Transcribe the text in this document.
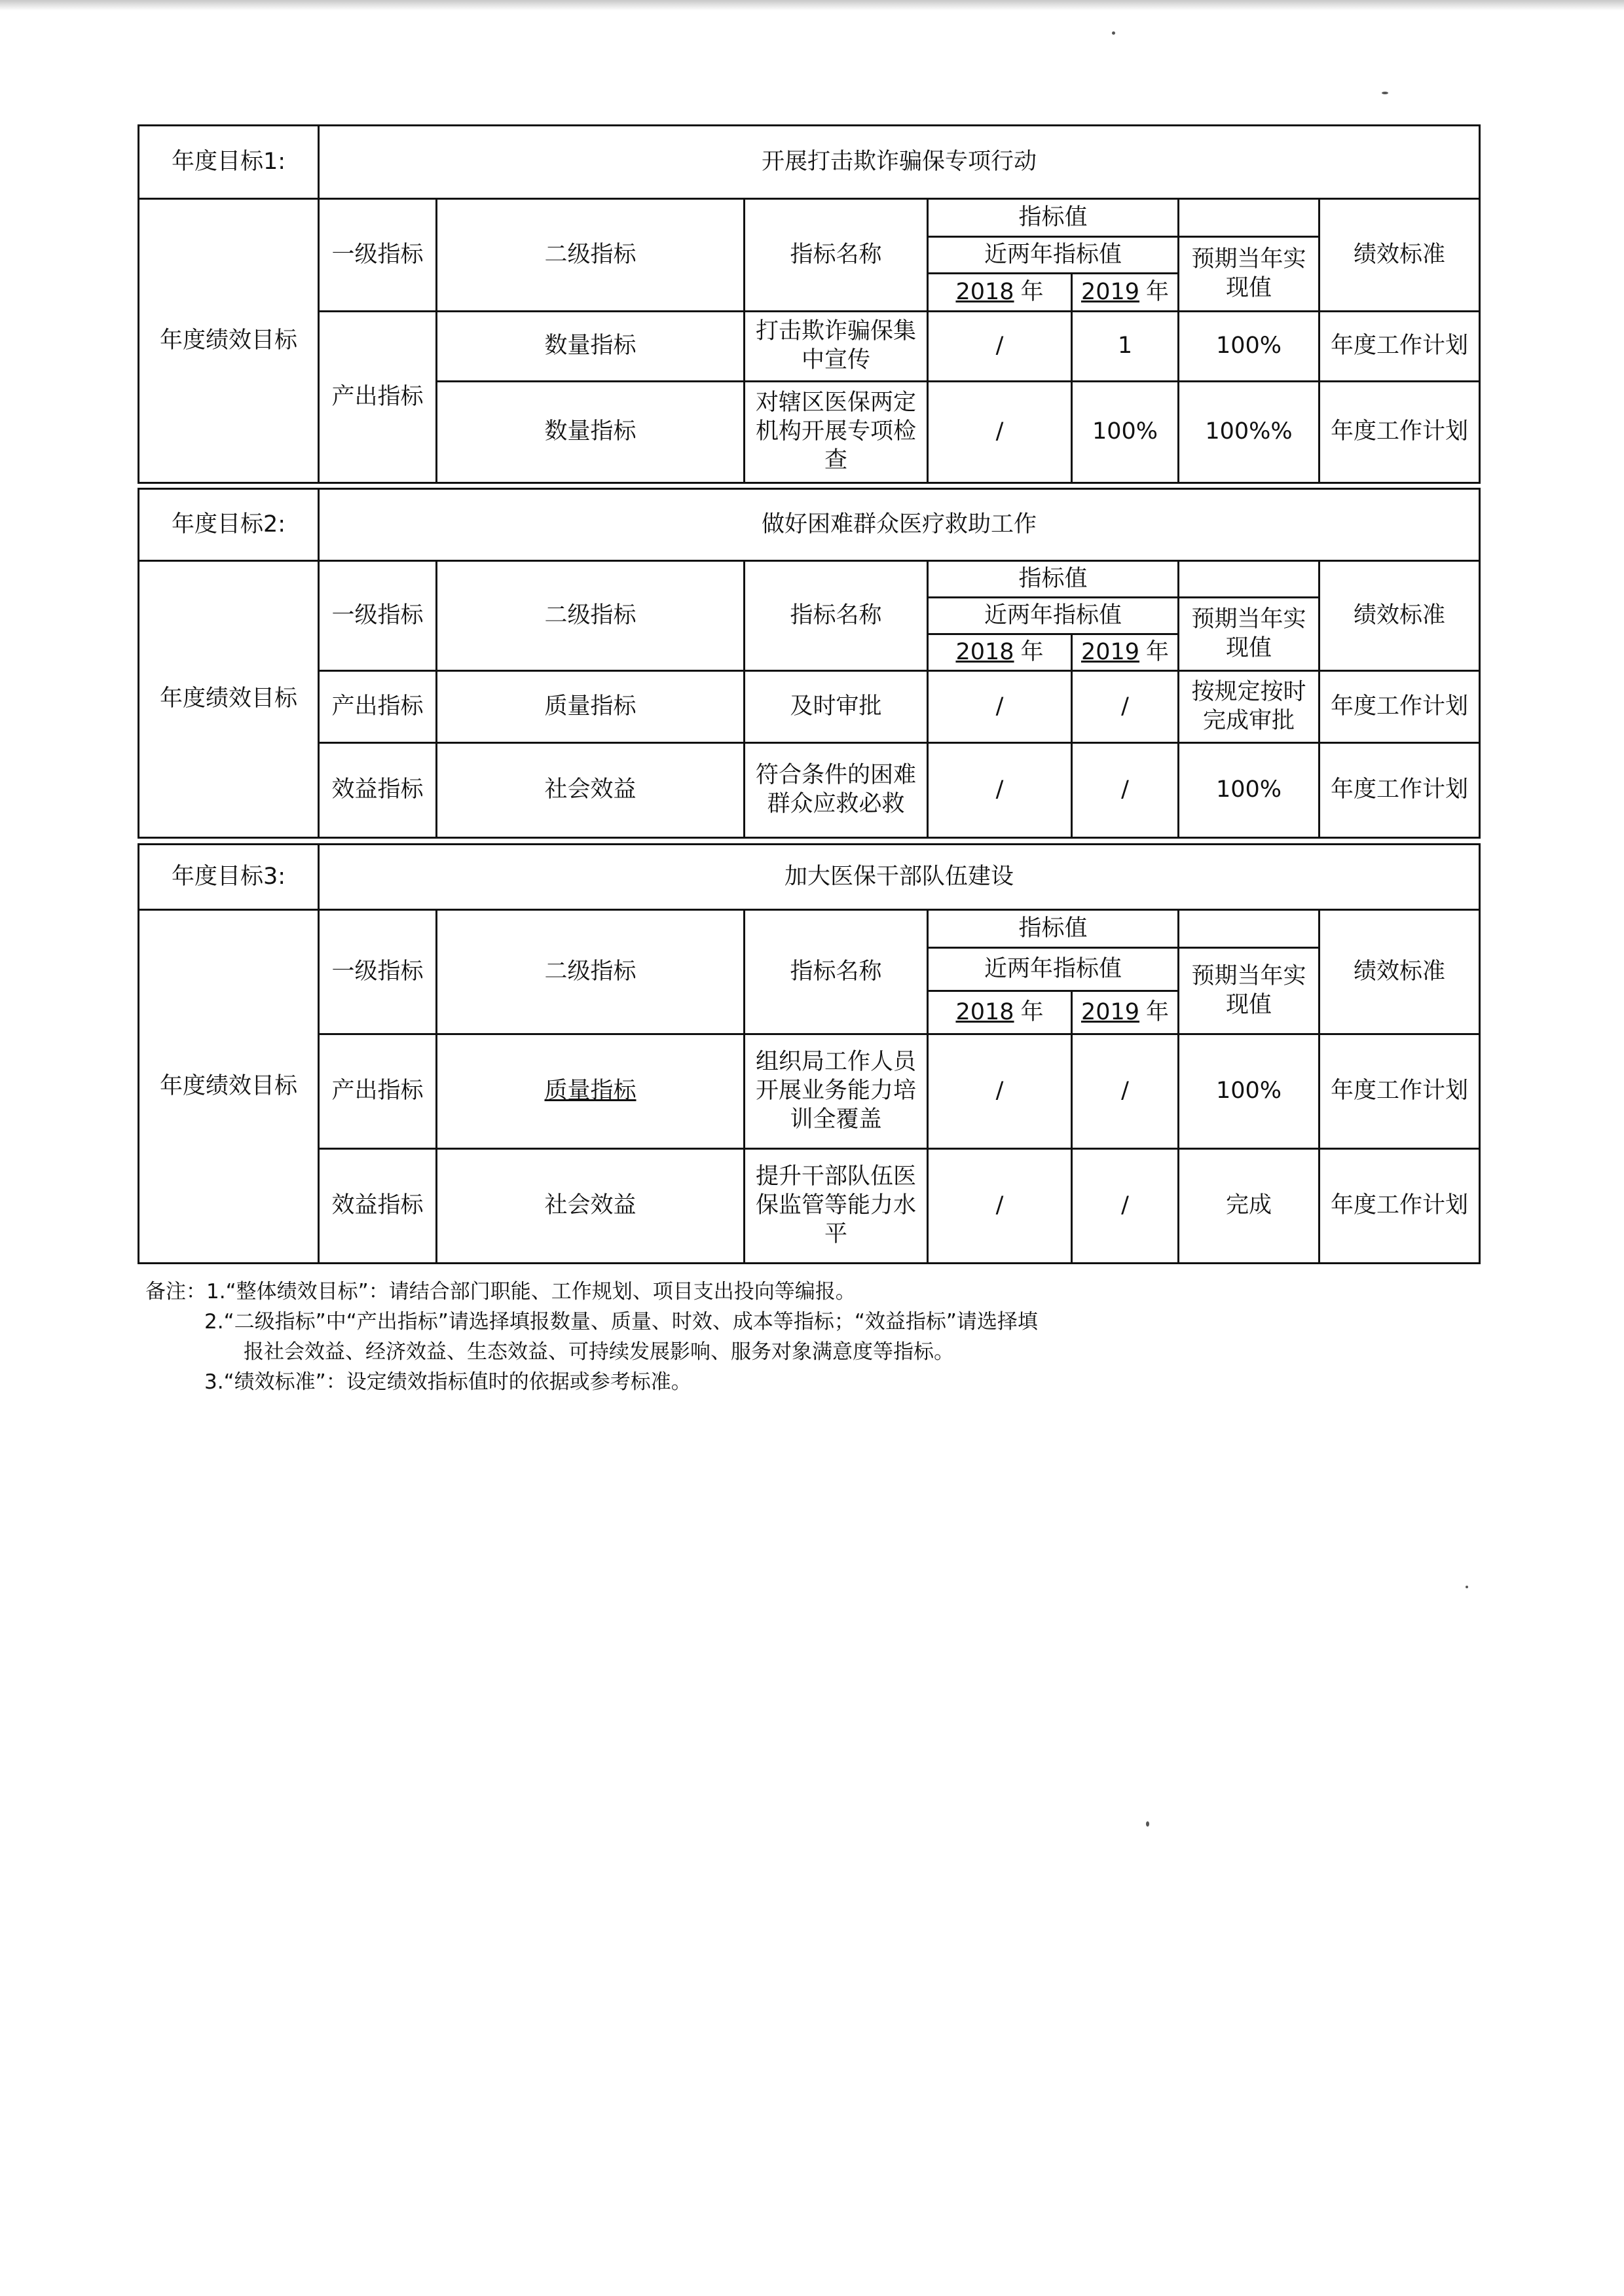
年度目标1:	开展打击欺诈骗保专项行动						
年度绩效目标	一级指标	二级指标	指标名称	指标值			绩效标准
				近两年指标值		预期当年实现值	
				2018 年	2019 年		
	产出指标	数量指标	打击欺诈骗保集中宣传	/	1	100%	年度工作计划
		数量指标	对辖区医保两定机构开展专项检查	/	100%	100%%	年度工作计划
年度目标2:	做好困难群众医疗救助工作						
年度绩效目标	一级指标	二级指标	指标名称	指标值			绩效标准
				近两年指标值		预期当年实现值	
				2018 年	2019 年		
	产出指标	质量指标	及时审批	/	/	按规定按时完成审批	年度工作计划
	效益指标	社会效益	符合条件的困难群众应救必救	/	/	100%	年度工作计划
年度目标3:	加大医保干部队伍建设						
年度绩效目标	一级指标	二级指标	指标名称	指标值			绩效标准
				近两年指标值		预期当年实现值	
				2018 年	2019 年		
	产出指标	质量指标	组织局工作人员开展业务能力培训全覆盖	/	/	100%	年度工作计划
	效益指标	社会效益	提升干部队伍医保监管等能力水平	/	/	完成	年度工作计划

备注：1.“整体绩效目标”：请结合部门职能、工作规划、项目支出投向等编报。

2.“二级指标”中“产出指标”请选择填报数量、质量、时效、成本等指标；“效益指标”请选择填

报社会效益、经济效益、生态效益、可持续发展影响、服务对象满意度等指标。

3.“绩效标准”：设定绩效指标值时的依据或参考标准。
